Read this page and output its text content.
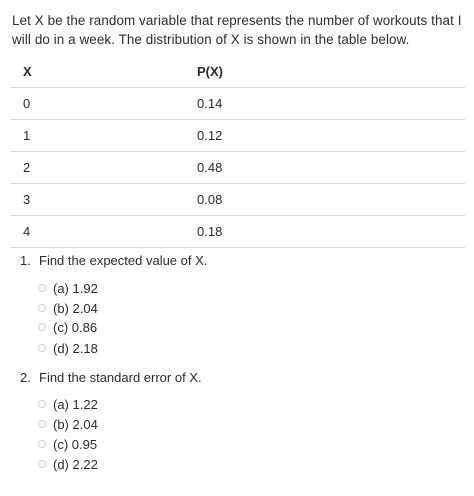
Let X be the random variable that represents the number of workouts that I will do in a week. The distribution of X is shown in the table below.
X	P(X)
0	0.14
1	0.12
2	0.48
3	0.08
4	0.18
1. Find the expected value of X.
(a) 1.92
(b) 2.04
(c) 0.86
(d) 2.18
2. Find the standard error of X.
(a) 1.22
(b) 2.04
(c) 0.95
(d) 2.22
